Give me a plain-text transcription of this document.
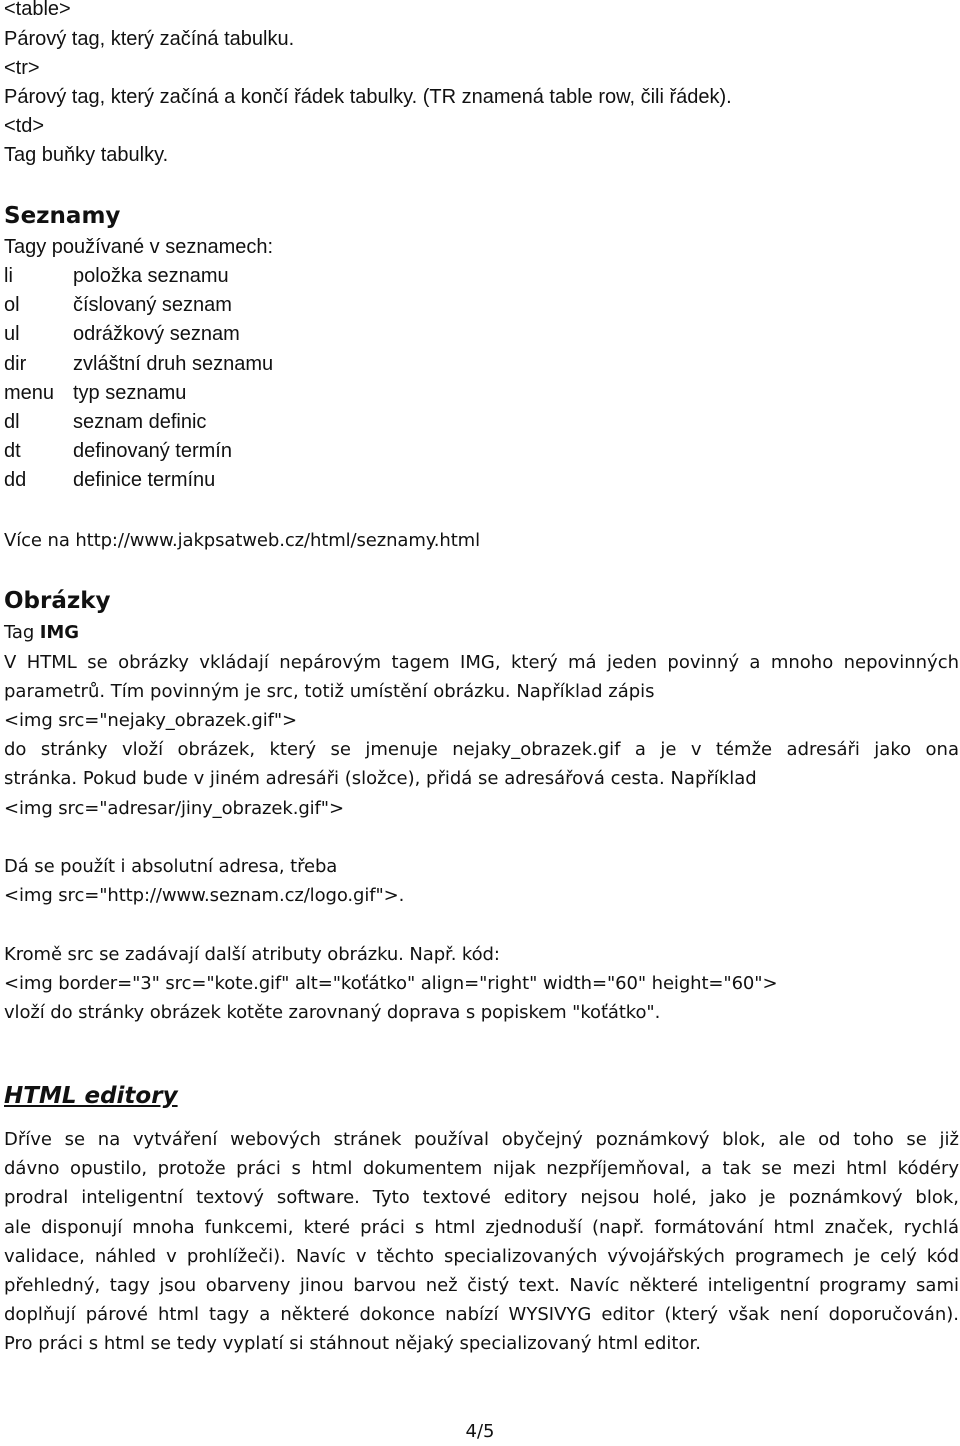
<table>
Párový tag, který začíná tabulku.
<tr>
Párový tag, který začíná a končí řádek tabulky. (TR znamená table row, čili řádek).
<td>
Tag buňky tabulky.
Seznamy
Tagy používané v seznamech:
li	položka seznamu
ol	číslovaný seznam
ul	odrážkový seznam
dir	zvláštní druh seznamu
menu	typ seznamu
dl	seznam definic
dt	definovaný termín
dd	definice termínu
Více na http://www.jakpsatweb.cz/html/seznamy.html
Obrázky
Tag IMG
V HTML se obrázky vkládají nepárovým tagem IMG, který má jeden povinný a mnoho nepovinných
parametrů. Tím povinným je src, totiž umístění obrázku. Například zápis
<img src="nejaky_obrazek.gif">
do stránky vloží obrázek, který se jmenuje nejaky_obrazek.gif a je v témže adresáři jako ona
stránka. Pokud bude v jiném adresáři (složce), přidá se adresářová cesta. Například
<img src="adresar/jiny_obrazek.gif">
Dá se použít i absolutní adresa, třeba
<img src="http://www.seznam.cz/logo.gif">.
Kromě src se zadávají další atributy obrázku. Např. kód:
<img border="3" src="kote.gif" alt="koťátko" align="right" width="60" height="60">
vloží do stránky obrázek kotěte zarovnaný doprava s popiskem "koťátko".
HTML editory
Dříve se na vytváření webových stránek používal obyčejný poznámkový blok, ale od toho se již
dávno opustilo, protože práci s html dokumentem nijak nezpříjemňoval, a tak se mezi html kódéry
prodral inteligentní textový software. Tyto textové editory nejsou holé, jako je poznámkový blok,
ale disponují mnoha funkcemi, které práci s html zjednoduší (např. formátování html značek, rychlá
validace, náhled v prohlížeči). Navíc v těchto specializovaných vývojářských programech je celý kód
přehledný, tagy jsou obarveny jinou barvou než čistý text. Navíc některé inteligentní programy sami
doplňují párové html tagy a některé dokonce nabízí WYSIVYG editor (který však není doporučován).
Pro práci s html se tedy vyplatí si stáhnout nějaký specializovaný html editor.
4/5
